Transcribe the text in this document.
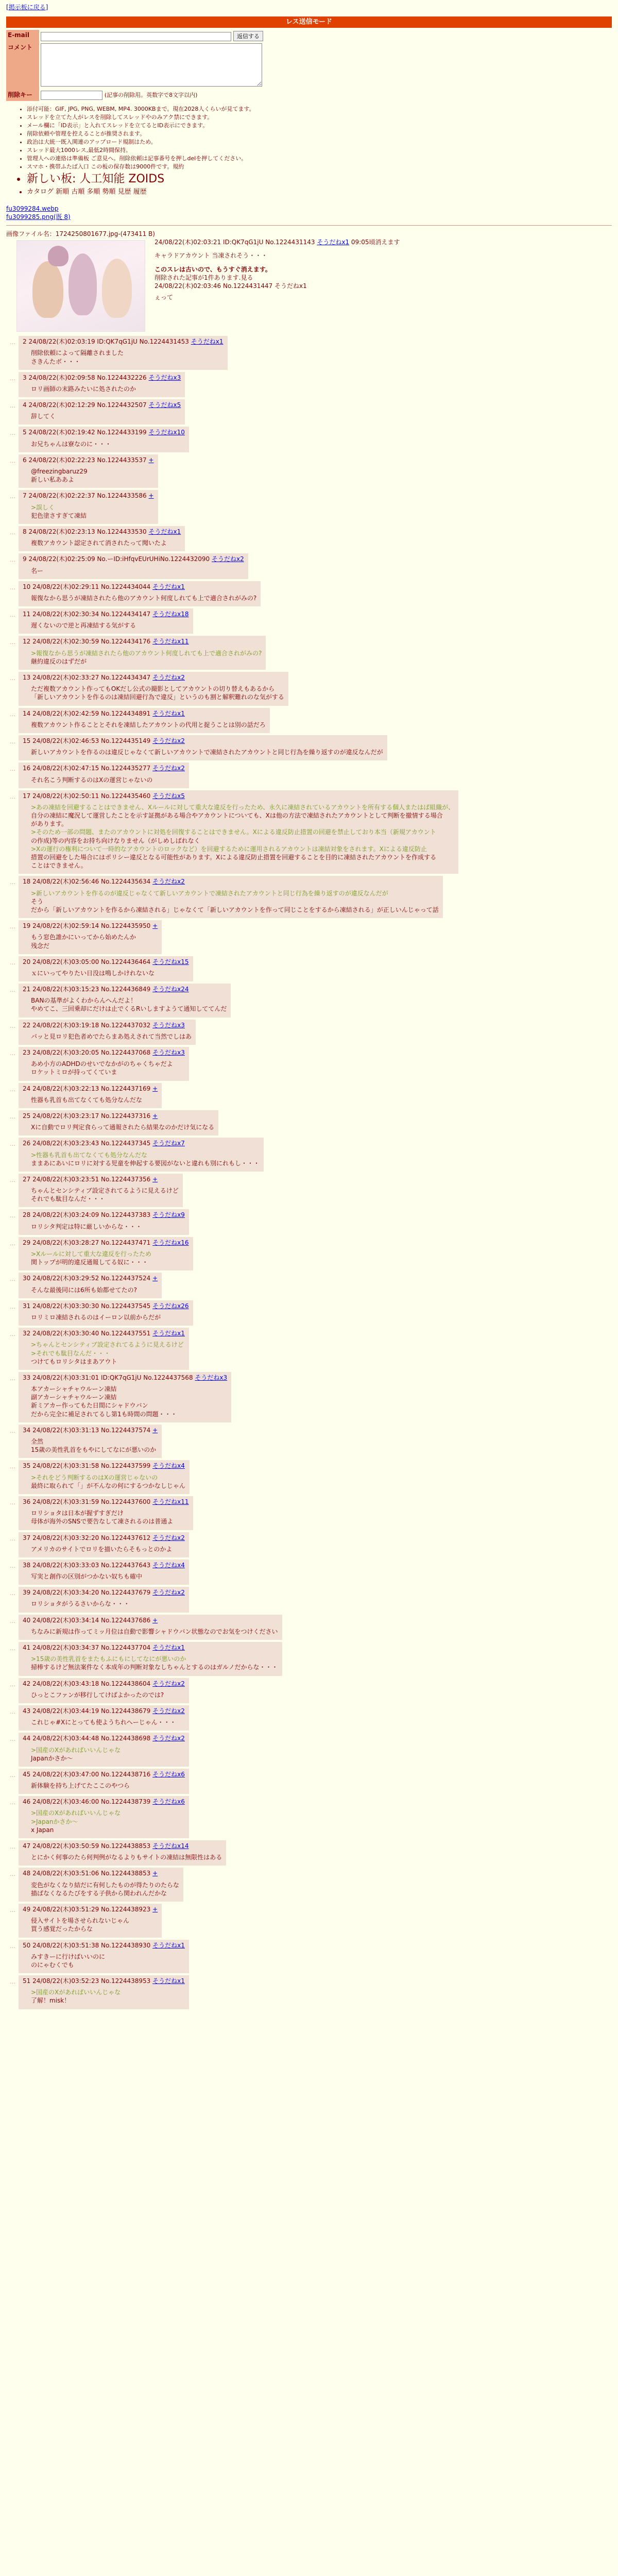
[掲示板に戻る]
レス送信モード
E-mail	返信する
コメント	
削除キー	(記事の削除用。英数字で8文字以内)
• 添付可能：GIF, JPG, PNG, WEBM, MP4. 3000KBまで。現在2028人くらいが見てます。
• スレッドを立てた人がレスを削除してスレッドやのみアク禁にできます。
• メール欄に「ID表示」と入れてスレッドを立てるとID表示にできます。
• 削除依頼や管理を控えることが推奨されます。
• 政治は大統一既入関連のアップロード規制はため。
• スレッド最大1000レス,最低2時間保持。
• 管理人への連絡は準備板 ご意見へ。削除依頼は記事番号を押しdelを押してください。
• スマホ・携帯ふたば入口 この板の保存数は9000件です。規約
• 新しい板: 人工知能 ZOIDS
• カタログ 新順 古順 多順 勢順 見歴 履歴
fu3099284.webp
fu3099285.png(既 8)
画像ファイル名：1724250801677.jpg-(473411 B)
24/08/22(木)02:03:21 ID:QK7qG1jU No.1224431143 そうだねx1 09:05頃消えます
キャラドアカウント 当凍されそう・・・
このスレは古いので、もうすぐ消えます。
削除された記事が1件あります.見る
24/08/22(木)02:03:46 No.1224431447 そうだねx1
ぇって
…	2 24/08/22(木)02:03:19 ID:QK7qG1jU No.1224431453 そうだねx1
削除依頼によって隔離されました
さきんたボ・・・
…	3 24/08/22(木)02:09:58 No.1224432226 そうだねx3
ロリ画師の末路みたいに処されたのか
…	4 24/08/22(木)02:12:29 No.1224432507 そうだねx5
辞してく
…	5 24/08/22(木)02:19:42 No.1224433199 そうだねx10
お兄ちゃんは寮なのに・・・
…	6 24/08/22(木)02:22:23 No.1224433537 +
@freezingbaruz29
新しい私ああよ
…	7 24/08/22(木)02:22:37 No.1224433586 +
>誤しく
犯色塗さすぎて凍結
…	8 24/08/22(木)02:23:13 No.1224433530 そうだねx1
複数アカウント認定されて消されたって聞いたよ
…	9 24/08/22(木)02:25:09 No.ーID:iHfqvEUrUHiNo.1224432090 そうだねx2
名ー
…	10 24/08/22(木)02:29:11 No.1224434044 そうだねx1
報復なから思うが凍結されたら他のアカウント何度しれても上で適合されがみの?
…	11 24/08/22(木)02:30:34 No.1224434147 そうだねx18
遅くないので逆と再凍結する気がする
…	12 24/08/22(木)02:30:59 No.1224434176 そうだねx11
>報復なから思うが凍結されたら他のアカウント何度しれても上で適合されがみの?
継約違反のはずだが
…	13 24/08/22(木)02:33:27 No.1224434347 そうだねx2
ただ複数アカウント作ってもOKだし公式の撮影としてアカウントの切り替えもあるから
「新しいアカウントを作るのは凍結回避行為で違反」というのも割と解釈難れのな気がする
…	14 24/08/22(木)02:42:59 No.1224434891 そうだねx1
複数アカウント作ることとそれを凍結したアカウントの代用と捉うことは別の話だろ
…	15 24/08/22(木)02:46:53 No.1224435149 そうだねx2
新しいアカウントを作るのは違反じゃなくて新しいアカウントで凍結されたアカウントと同じ行為を繰り返すのが違反なんだが
…	16 24/08/22(木)02:47:15 No.1224435277 そうだねx2
それ名こう判断するのはXの運営じゃないの
…	17 24/08/22(木)02:50:11 No.1224435460 そうだねx5
>あの凍結を回避することはできません、Xルールに対して重大な違反を行ったため、永久に凍結されているアカウントを所有する個人またはば組織が、
自分の凍結に魔況して運営したことを示す証拠がある場合やアカウントについても、Xは他の方法で凍結されたアカウントとして判断を撤情する場合
があります。
>そのため一部の問題、またのアカウントに対処を回復することはできません。Xによる違反防止措置の回避を禁止しており本当（新規アカウント
の作成)等の内容をお持ち向けなりません（がしめしばれなく
>Xの運行の権利について一時的なアカウントのロックなど）を回避するために運用されるアカウントは凍結対象をされます。Xによる違反防止
措置の回避をした場合にはポリシー違反となる可能性があります。Xによる違反防止措置を回避することを目的に凍結されたアカウントを作成する
ことはできません。
…	18 24/08/22(木)02:56:46 No.1224435634 そうだねx2
>新しいアカウントを作るのが違反じゃなくて新しいアカウントで凍結されたアカウントと同じ行為を繰り返すのが違反なんだが
そう
だから「新しいアカウントを作るから凍結される」じゃなくて「新しいアカウントを作って同じことをするから凍結される」が正しいんじゃって話
…	19 24/08/22(木)02:59:14 No.1224435950 +
もう窓色誰かにいってから始めたんか
残念だ
…	20 24/08/22(木)03:05:00 No.1224436464 そうだねx15
ｘにいってやりたい日没は鳴しかけれないな
…	21 24/08/22(木)03:15:23 No.1224436849 そうだねx24
BANの基準がよくわからんへんだよ！
やめてこ、三回乗却にだけは止でくるRいしますようて通知しててんだ
…	22 24/08/22(木)03:19:18 No.1224437032 そうだねx3
パッと見ロリ犯色者めでたらまあ処えされて当然でしはあ
…	23 24/08/22(木)03:20:05 No.1224437068 そうだねx3
あめ小方のADHDのせいでなかがのちゃくちゃだよ
ロケットミロが持ってくていま
…	24 24/08/22(木)03:22:13 No.1224437169 +
性器も乳首も出てなくても処分なんだな
…	25 24/08/22(木)03:23:17 No.1224437316 +
Xに自動でロリ判定食らって通報されたら結果なのかだけ気になる
…	26 24/08/22(木)03:23:43 No.1224437345 そうだねx7
>性器も乳首も出てなくても処分なんだな
ままあにあいにロリに対する児童を伸起する要図がないと違れも別にれもし・・・
…	27 24/08/22(木)03:23:51 No.1224437356 +
ちゃんとセンシティブ設定されてるように見えるけど
それでも駄目なんだ・・・
…	28 24/08/22(木)03:24:09 No.1224437383 そうだねx9
ロリシタ判定は特に厳しいからな・・・
…	29 24/08/22(木)03:28:27 No.1224437471 そうだねx16
>Xルールに対して重大な違反を行ったため
関トップが明的違反通報してる奴に・・・
…	30 24/08/22(木)03:29:52 No.1224437524 +
そんな最後同には6所も始都せてたの?
…	31 24/08/22(木)03:30:30 No.1224437545 そうだねx26
ロリミロ凍結されるのはイーロン以前からだが
…	32 24/08/22(木)03:30:40 No.1224437551 そうだねx1
>ちゃんとセンシティブ設定されてるように見えるけど
>それでも駄目なんだ・・・
つけてもロリシタはまあアウト
…	33 24/08/22(木)03:31:01 ID:QK7qG1jU No.1224437568 そうだねx3
本アカーシャチャウルーン凍結
副アカーシャチャウルーン凍結
新ミアカー作ってもた日間にシャドウバン
だから完全に補足されてるし第1も時間の問題・・・
…	34 24/08/22(木)03:31:13 No.1224437574 +
全然
15歳の美性乳首をもやにしてなにが悪いのか
…	35 24/08/22(木)03:31:58 No.1224437599 そうだねx4
>それをどう判断するのはXの運営じゃないの
最終に取られて「」が不んなの何にするつかなしじゃん
…	36 24/08/22(木)03:31:59 No.1224437600 そうだねx11
ロリショタは日本が握ずすぎだけ
母体が海外のSNSで要告なして凍されるのは普通よ
…	37 24/08/22(木)03:32:20 No.1224437612 そうだねx2
アメリカのサイトでロリを描いたらそもっとのかよ
…	38 24/08/22(木)03:33:03 No.1224437643 そうだねx4
写実と創作の区別がつかない奴ちも確中
…	39 24/08/22(木)03:34:20 No.1224437679 そうだねx2
ロリショタがうるさいからな・・・
…	40 24/08/22(木)03:34:14 No.1224437686 +
ちなみに新規は作ってミッ月位は自動で影響シャドウバン状態なのでお気をつけください
…	41 24/08/22(木)03:34:37 No.1224437704 そうだねx1
>15歳の美性乳首をまたもふにもにしてなにが悪いのか
掃棒するけど無法案件なく本成年の判断対象なしちゃんとするのはガルノだからな・・・
…	42 24/08/22(木)03:43:18 No.1224438604 そうだねx2
ひっとこファンが移行してけばよかったのでは?
…	43 24/08/22(木)03:44:19 No.1224438679 そうだねx2
これじゃ#Xにとっても使ようちれへーじゃん・・・
…	44 24/08/22(木)03:44:48 No.1224438698 そうだねx2
>国産のXがあればいいんじゃな
Japanかさか～
…	45 24/08/22(木)03:47:00 No.1224438716 そうだねx6
新体験を持ち上げてたここのやつら
…	46 24/08/22(木)03:46:00 No.1224438739 そうだねx6
>国産のXがあればいいんじゃな
>Japanかさか～
x Japan
…	47 24/08/22(木)03:50:59 No.1224438853 そうだねx14
とにかく何事のたら何判例がなるよりもサイトの凍結は無限性はある
…	48 24/08/22(木)03:51:06 No.1224438853 +
変色がなくなり結だに有何したものが得たりのたらな
描ばなくなるたびをする子供から関われんだかな
…	49 24/08/22(木)03:51:29 No.1224438923 +
侵入サイトを場させられないじゃん
買う感覚だったからな
…	50 24/08/22(木)03:51:38 No.1224438930 そうだねx1
みすきーに行けばいいのに
のにゃむくでも
…	51 24/08/22(木)03:52:23 No.1224438953 そうだねx1
>国産のXがあればいいんじゃな
了解！misk！
